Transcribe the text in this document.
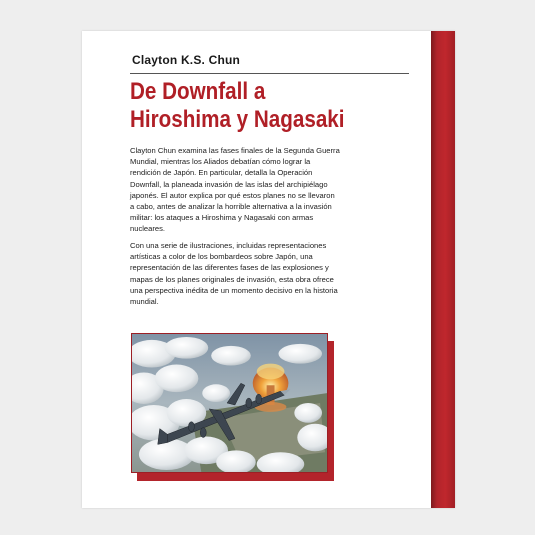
Clayton K.S. Chun
De Downfall a
Hiroshima y Nagasaki
Clayton Chun examina las fases finales de la Segunda Guerra Mundial, mientras los Aliados debatían cómo lograr la rendición de Japón. En particular, detalla la Operación Downfall, la planeada invasión de las islas del archipiélago japonés. El autor explica por qué estos planes no se llevaron a cabo, antes de analizar la horrible alternativa a la invasión militar: los ataques a Hiroshima y Nagasaki con armas nucleares.
Con una serie de ilustraciones, incluidas representaciones artísticas a color de los bombardeos sobre Japón, una representación de las diferentes fases de las explosiones y mapas de los planes originales de invasión, esta obra ofrece una perspectiva inédita de un momento decisivo en la historia mundial.
